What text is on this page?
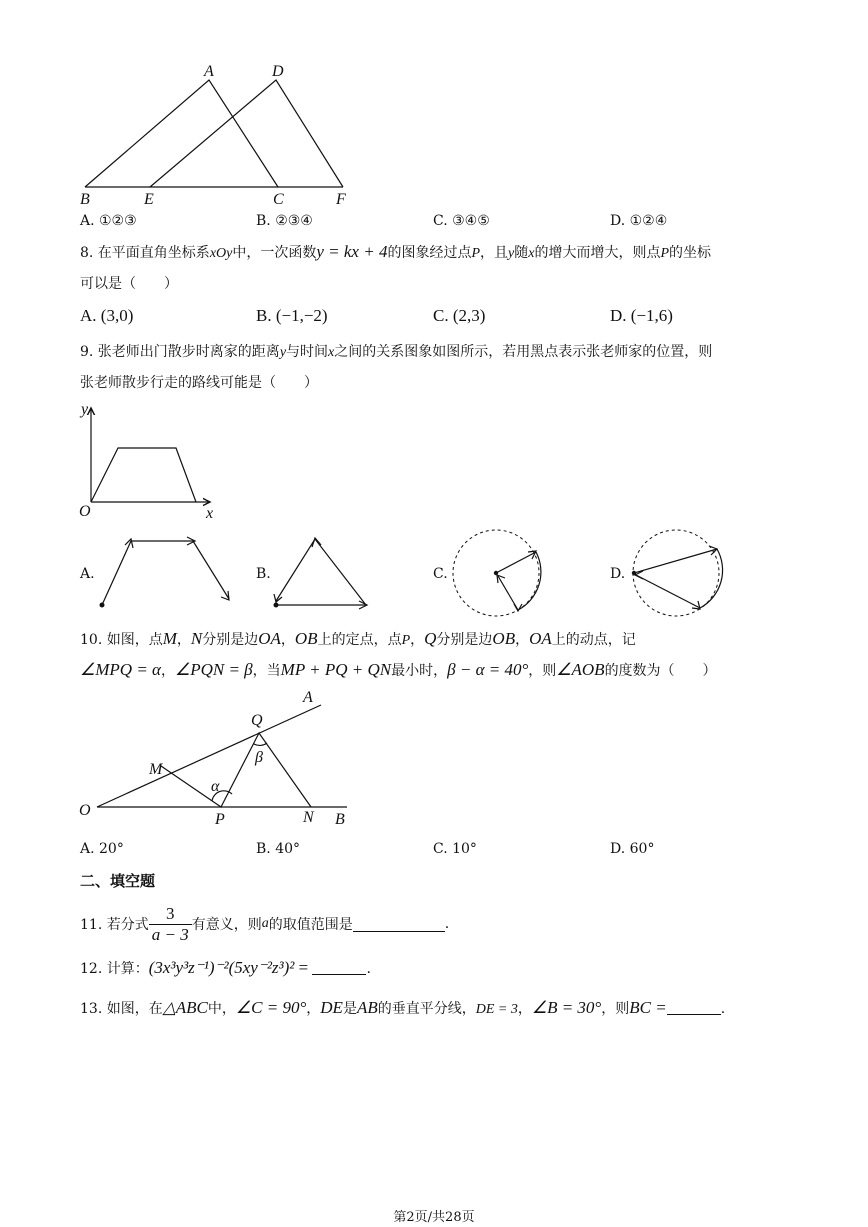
A	D
B	E	C	F
A. ①②③	B. ②③④	C. ③④⑤	D. ①②④
8. 在平面直角坐标系xOy中，一次函数y = kx + 4的图象经过点P，且y随x的增大而增大，则点P的坐标
可以是（　　）
A. (3,0)	B. (−1,−2)	C. (2,3)	D. (−1,6)
9. 张老师出门散步时离家的距离y与时间x之间的关系图象如图所示，若用黑点表示张老师家的位置，则
张老师散步行走的路线可能是（　　）
y
O	x
A.	B.	C.	D.
10. 如图，点M，N分别是边OA，OB上的定点，点P，Q分别是边OB，OA上的动点，记
∠MPQ = α，∠PQN = β，当MP + PQ + QN最小时，β − α = 40°，则∠AOB的度数为（　　）
A
Q
β
M
α
O
P	N B
A. 20°	B. 40°	C. 10°	D. 60°
二、填空题
11. 若分式 $\frac{3}{a - 3}$ 有意义，则 a 的取值范围是	.
12. 计算：(3x³y³z⁻¹)⁻²(5xy⁻²z³)² =	.
13. 如图，在△ABC中，∠C = 90°，DE是AB的垂直平分线，DE = 3，∠B = 30°，则BC =	.
第2页/共28页
